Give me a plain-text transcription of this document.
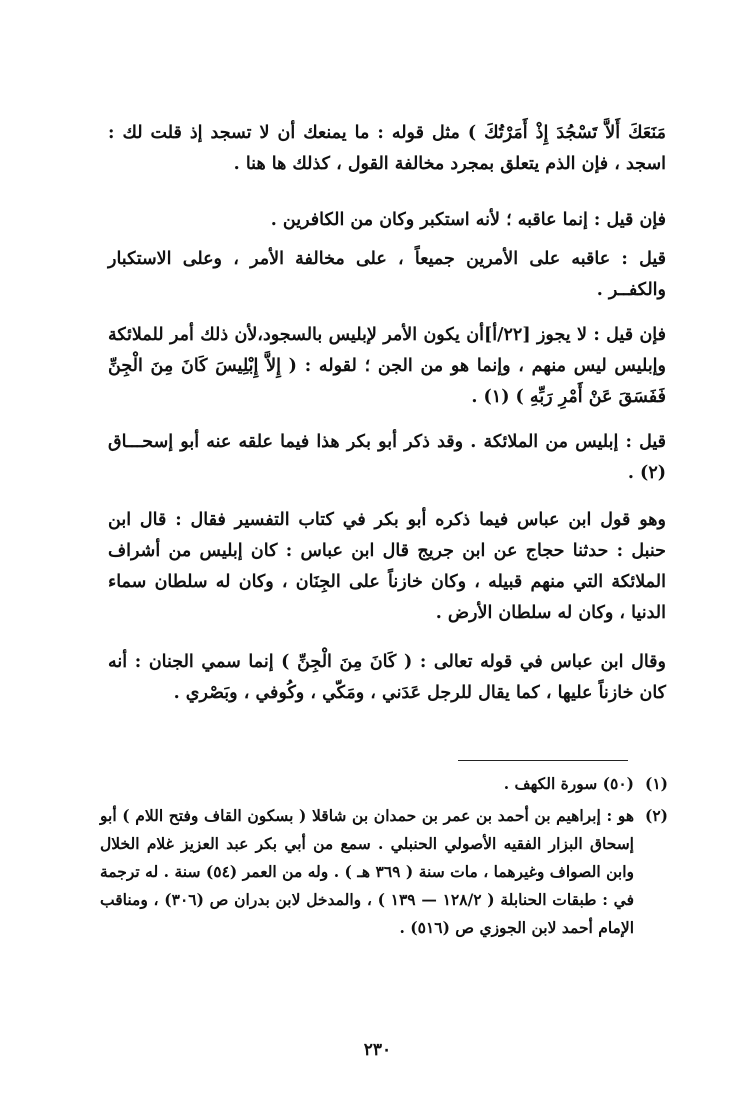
مَنَعَكَ أَلاَّ تَسْجُدَ إِذْ أَمَرْتُكَ ) مثل قوله : ما يمنعك أن لا تسجد إذ قلت لك : اسجد ، فإن الذم يتعلق بمجرد مخالفة القول ، كذلك ها هنا .

فإن قيل : إنما عاقبه ؛ لأنه استكبر وكان من الكافرين .

قيل : عاقبه على الأمرين جميعاً ، على مخالفة الأمر ، وعلى الاستكبار والكفــر .

فإن قيل : لا يجوز [٢٢/أ]أن يكون الأمر لإبليس بالسجود،لأن ذلك أمر للملائكة وإبليس ليس منهم ، وإنما هو من الجن ؛ لقوله : ( إِلاَّ إِبْلِيسَ كَانَ مِنَ الْجِنِّ فَفَسَقَ عَنْ أَمْرِ رَبِّهِ ) (١) .

قيل : إبليس من الملائكة . وقد ذكر أبو بكر هذا فيما علقه عنه أبو إسحـــاق (٢) .

وهو قول ابن عباس فيما ذكره أبو بكر في كتاب التفسير فقال : قال ابن حنبل : حدثنا حجاج عن ابن جريج قال ابن عباس : كان إبليس من أشراف الملائكة التي منهم قبيله ، وكان خازناً على الجِنَان ، وكان له سلطان سماء الدنيا ، وكان له سلطان الأرض .

وقال ابن عباس في قوله تعالى : ( كَانَ مِنَ الْجِنِّ ) إنما سمي الجنان : أنه كان خازناً عليها ، كما يقال للرجل عَدَني ، ومَكّي ، وكُوفي ، وبَصْري .

(١)
(٥٠) سورة الكهف .
(٢)
هو : إبراهيم بن أحمد بن عمر بن حمدان بن شاقلا ( بسكون القاف وفتح اللام ) أبو إسحاق البزار الفقيه الأصولي الحنبلي . سمع من أبي بكر عبد العزيز غلام الخلال وابن الصواف وغيرهما ، مات سنة ( ٣٦٩ هـ ) . وله من العمر (٥٤) سنة . له ترجمة في : طبقات الحنابلة ( ١٢٨/٢ — ١٣٩ ) ، والمدخل لابن بدران ص (٣٠٦) ، ومناقب الإمام أحمد لابن الجوزي ص (٥١٦) .
٢٣٠
